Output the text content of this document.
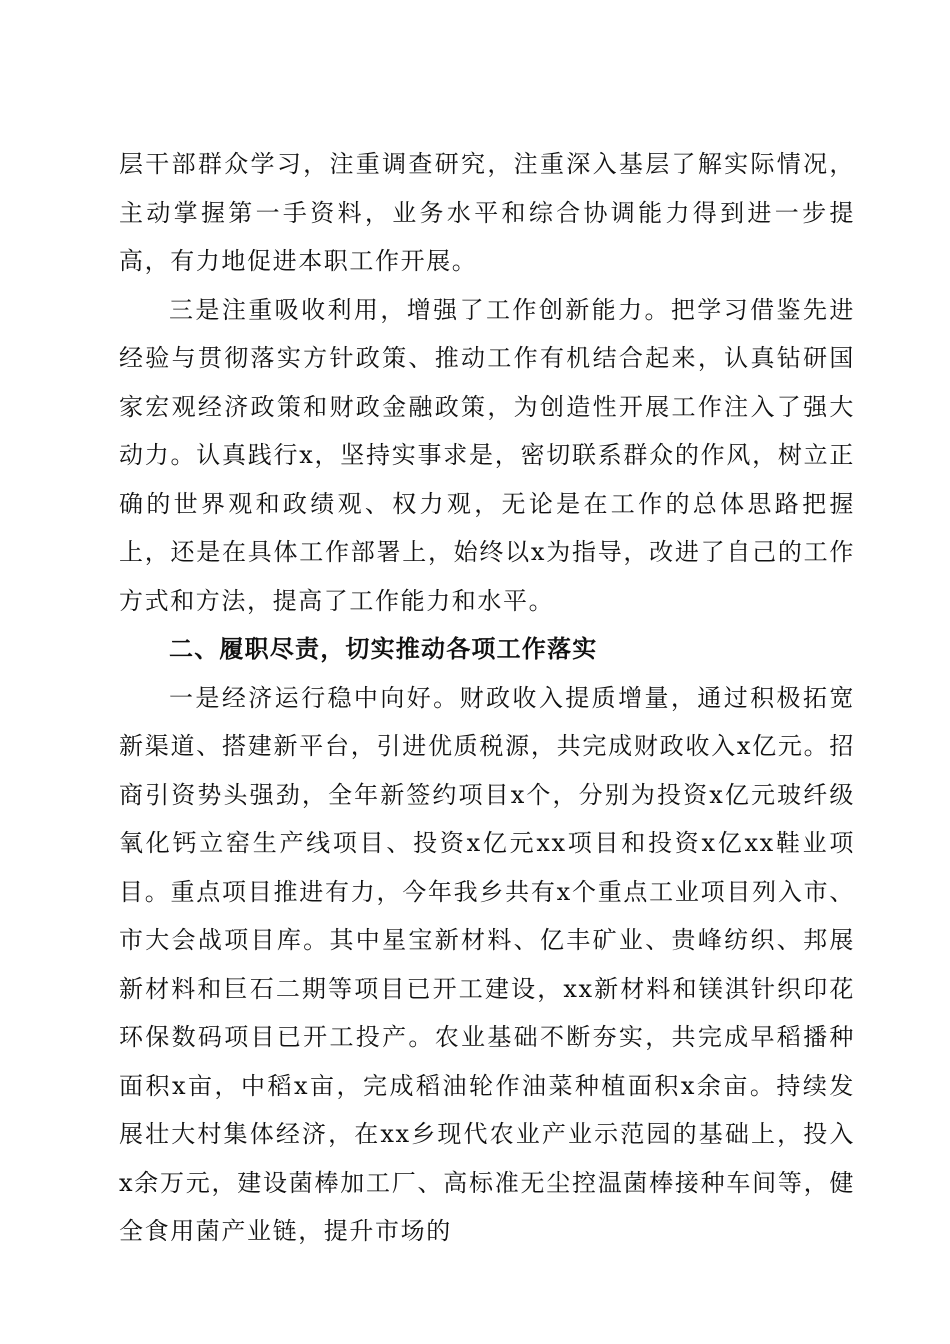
层干部群众学习，注重调查研究，注重深入基层了解实际情况，主动掌握第一手资料，业务水平和综合协调能力得到进一步提高，有力地促进本职工作开展。

三是注重吸收利用，增强了工作创新能力。把学习借鉴先进经验与贯彻落实方针政策、推动工作有机结合起来，认真钻研国家宏观经济政策和财政金融政策，为创造性开展工作注入了强大动力。认真践行x，坚持实事求是，密切联系群众的作风，树立正确的世界观和政绩观、权力观，无论是在工作的总体思路把握上，还是在具体工作部署上，始终以x为指导，改进了自己的工作方式和方法，提高了工作能力和水平。

二、履职尽责，切实推动各项工作落实

一是经济运行稳中向好。财政收入提质增量，通过积极拓宽新渠道、搭建新平台，引进优质税源，共完成财政收入x亿元。招商引资势头强劲，全年新签约项目x个，分别为投资x亿元玻纤级氧化钙立窑生产线项目、投资x亿元xx项目和投资x亿xx鞋业项目。重点项目推进有力，今年我乡共有x个重点工业项目列入市、市大会战项目库。其中星宝新材料、亿丰矿业、贵峰纺织、邦展新材料和巨石二期等项目已开工建设，xx新材料和镁淇针织印花环保数码项目已开工投产。农业基础不断夯实，共完成早稻播种面积x亩，中稻x亩，完成稻油轮作油菜种植面积x余亩。持续发展壮大村集体经济，在xx乡现代农业产业示范园的基础上，投入x余万元，建设菌棒加工厂、高标准无尘控温菌棒接种车间等，健全食用菌产业链，提升市场的
